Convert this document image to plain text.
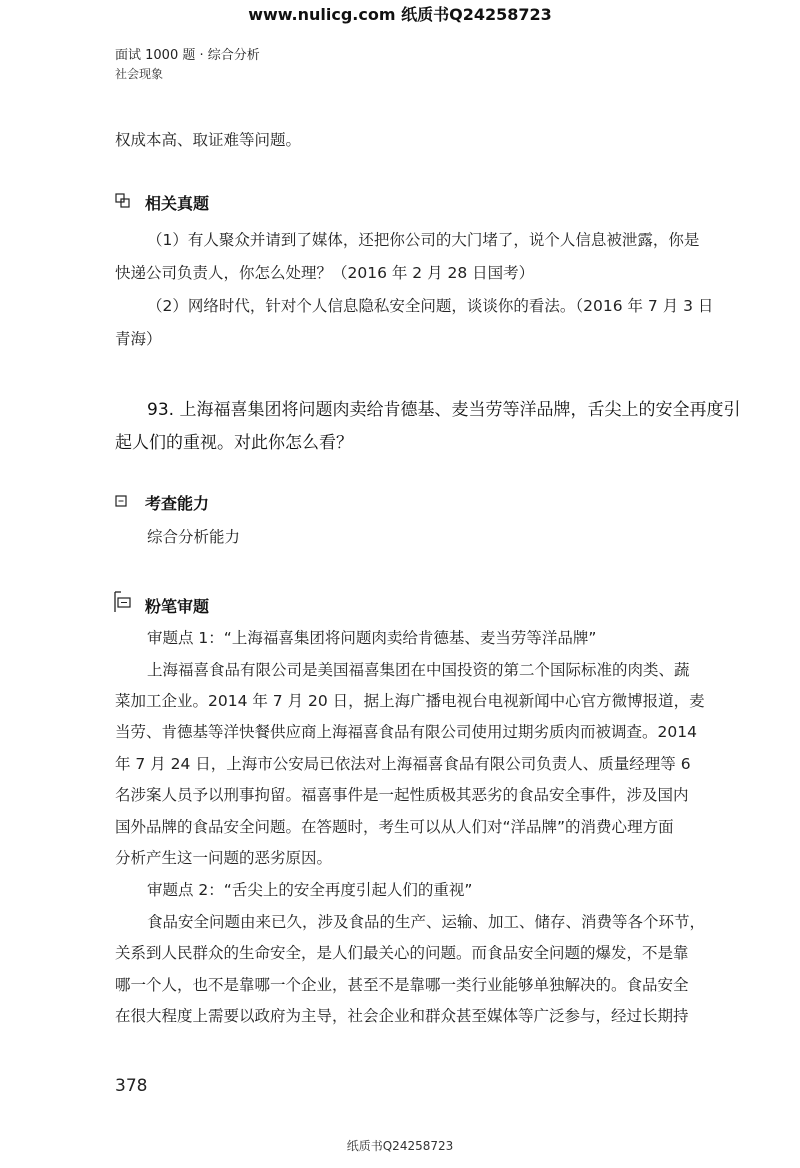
www.nulicg.com 纸质书Q24258723
面试 1000 题 · 综合分析
社会现象
权成本高、取证难等问题。
相关真题
（1）有人聚众并请到了媒体，还把你公司的大门堵了，说个人信息被泄露，你是
快递公司负责人，你怎么处理？（2016 年 2 月 28 日国考）
（2）网络时代，针对个人信息隐私安全问题，谈谈你的看法。（2016 年 7 月 3 日
青海）
93. 上海福喜集团将问题肉卖给肯德基、麦当劳等洋品牌，舌尖上的安全再度引
起人们的重视。对此你怎么看？
考查能力
综合分析能力
粉笔审题
审题点 1：“上海福喜集团将问题肉卖给肯德基、麦当劳等洋品牌”
上海福喜食品有限公司是美国福喜集团在中国投资的第二个国际标准的肉类、蔬
菜加工企业。2014 年 7 月 20 日，据上海广播电视台电视新闻中心官方微博报道，麦
当劳、肯德基等洋快餐供应商上海福喜食品有限公司使用过期劣质肉而被调查。2014
年 7 月 24 日，上海市公安局已依法对上海福喜食品有限公司负责人、质量经理等 6
名涉案人员予以刑事拘留。福喜事件是一起性质极其恶劣的食品安全事件，涉及国内
国外品牌的食品安全问题。在答题时，考生可以从人们对“洋品牌”的消费心理方面
分析产生这一问题的恶劣原因。
审题点 2：“舌尖上的安全再度引起人们的重视”
食品安全问题由来已久，涉及食品的生产、运输、加工、储存、消费等各个环节，
关系到人民群众的生命安全，是人们最关心的问题。而食品安全问题的爆发，不是靠
哪一个人，也不是靠哪一个企业，甚至不是靠哪一类行业能够单独解决的。食品安全
在很大程度上需要以政府为主导，社会企业和群众甚至媒体等广泛参与，经过长期持
378
纸质书Q24258723
